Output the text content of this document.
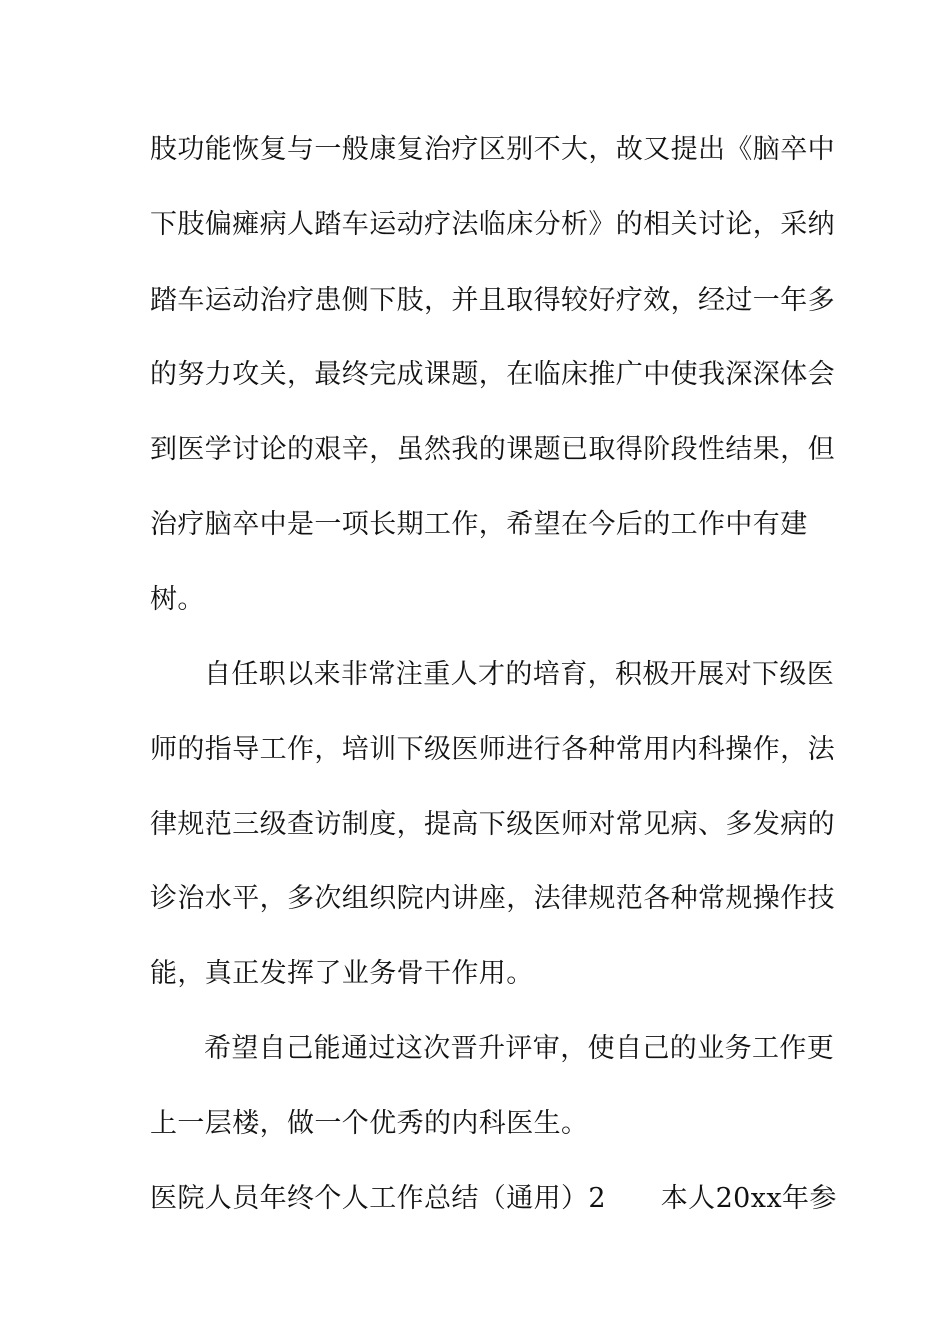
肢功能恢复与一般康复治疗区别不大，故又提出《脑卒中
下肢偏瘫病人踏车运动疗法临床分析》的相关讨论，采纳
踏车运动治疗患侧下肢，并且取得较好疗效，经过一年多
的努力攻关，最终完成课题，在临床推广中使我深深体会
到医学讨论的艰辛，虽然我的课题已取得阶段性结果，但
治疗脑卒中是一项长期工作，希望在今后的工作中有建
树。
自任职以来非常注重人才的培育，积极开展对下级医
师的指导工作，培训下级医师进行各种常用内科操作，法
律规范三级查访制度，提高下级医师对常见病、多发病的
诊治水平，多次组织院内讲座，法律规范各种常规操作技
能，真正发挥了业务骨干作用。
希望自己能通过这次晋升评审，使自己的业务工作更
上一层楼，做一个优秀的内科医生。
医院人员年终个人工作总结（通用）2　　本人20xx年参
